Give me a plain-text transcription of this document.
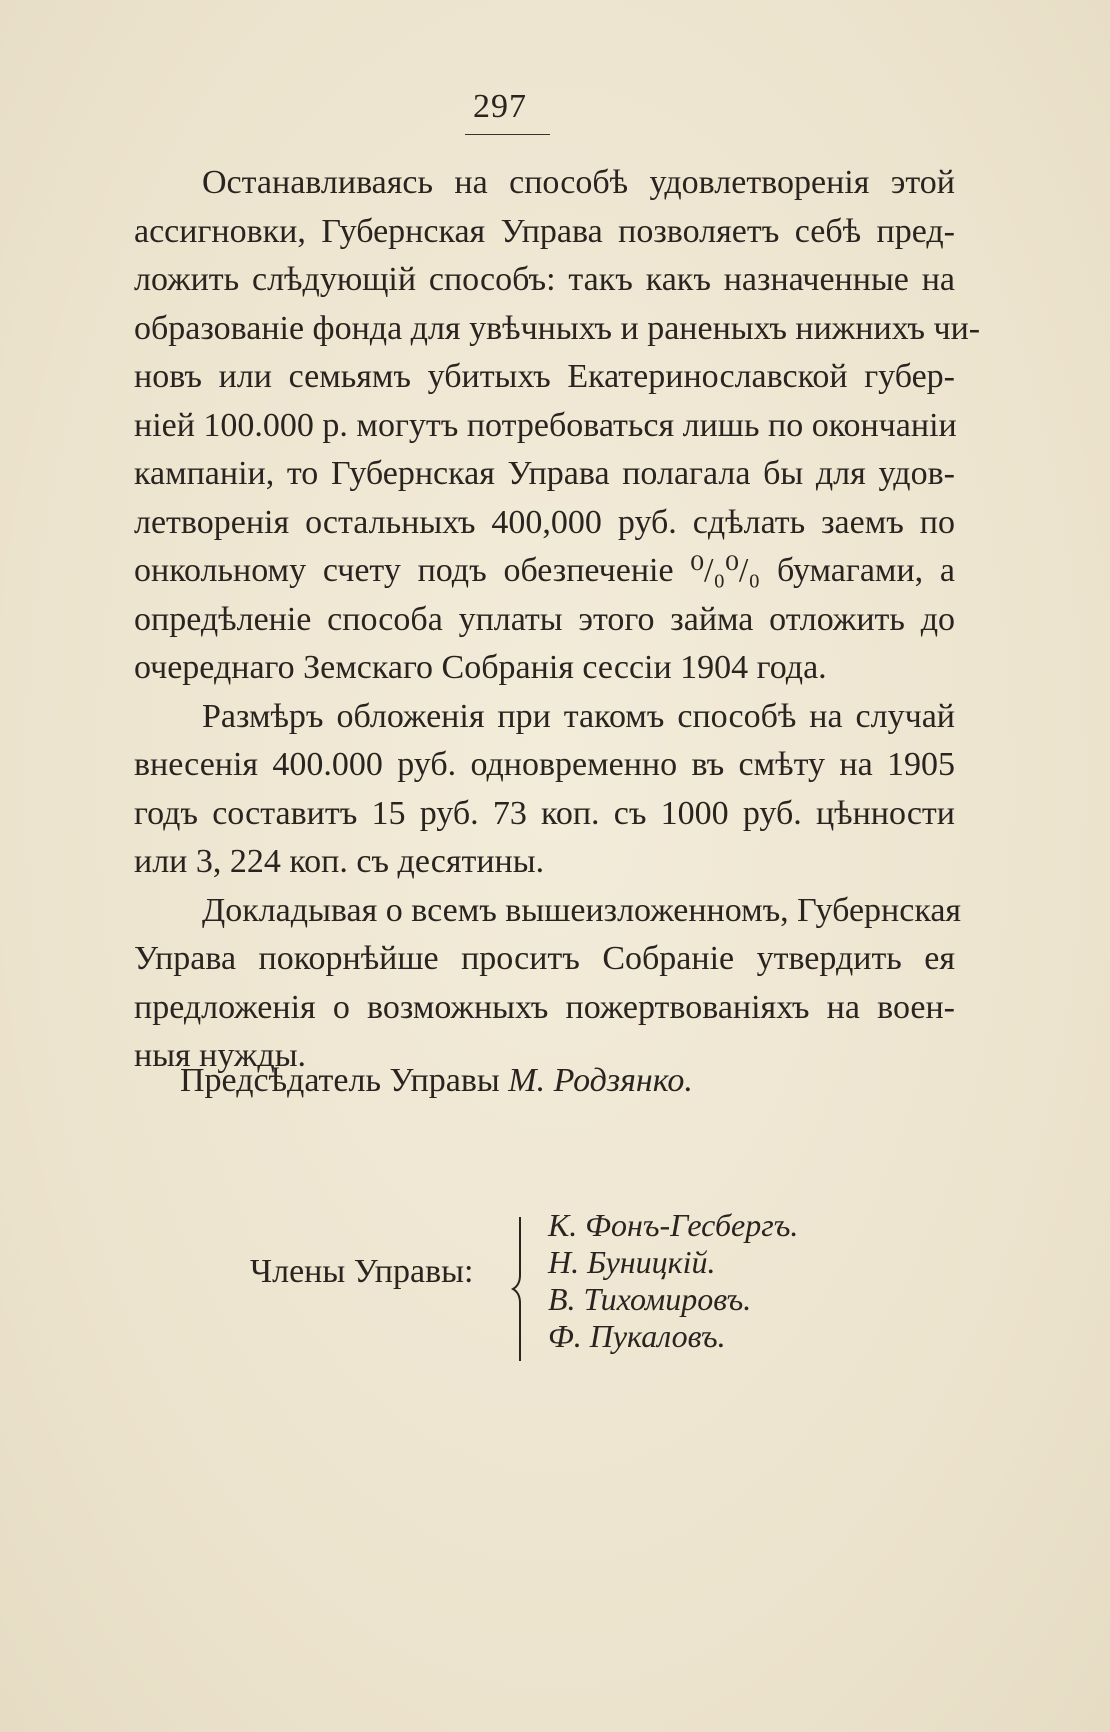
297
Останавливаясь на способѣ удовлетворенія этой
ассигновки, Губернская Управа позволяетъ себѣ пред-
ложить слѣдующій способъ: такъ какъ назначенные на
образованіе фонда для увѣчныхъ и раненыхъ нижнихъ чи-
новъ или семьямъ убитыхъ Екатеринославской губер-
ніей 100.000 р. могутъ потребоваться лишь по окончаніи
кампаніи, то Губернская Управа полагала бы для удов-
летворенія остальныхъ 400,000 руб. сдѣлать заемъ по
онкольному счету подъ обезпеченіе ⁰/₀⁰/₀ бумагами, а
опредѣленіе способа уплаты этого займа отложить до
очереднаго Земскаго Собранія сессіи 1904 года.
Размѣръ обложенія при такомъ способѣ на случай
внесенія 400.000 руб. одновременно въ смѣту на 1905
годъ составитъ 15 руб. 73 коп. съ 1000 руб. цѣнности
или 3, 224 коп. съ десятины.
Докладывая о всемъ вышеизложенномъ, Губернская
Управа покорнѣйше проситъ Собраніе утвердить ея
предложенія о возможныхъ пожертвованіяхъ на воен-
ныя нужды.
Предсѣдатель Управы М. Родзянко.
Члены Управы:
К. Фонъ-Гесбергъ.
Н. Буницкій.
В. Тихомировъ.
Ф. Пукаловъ.
